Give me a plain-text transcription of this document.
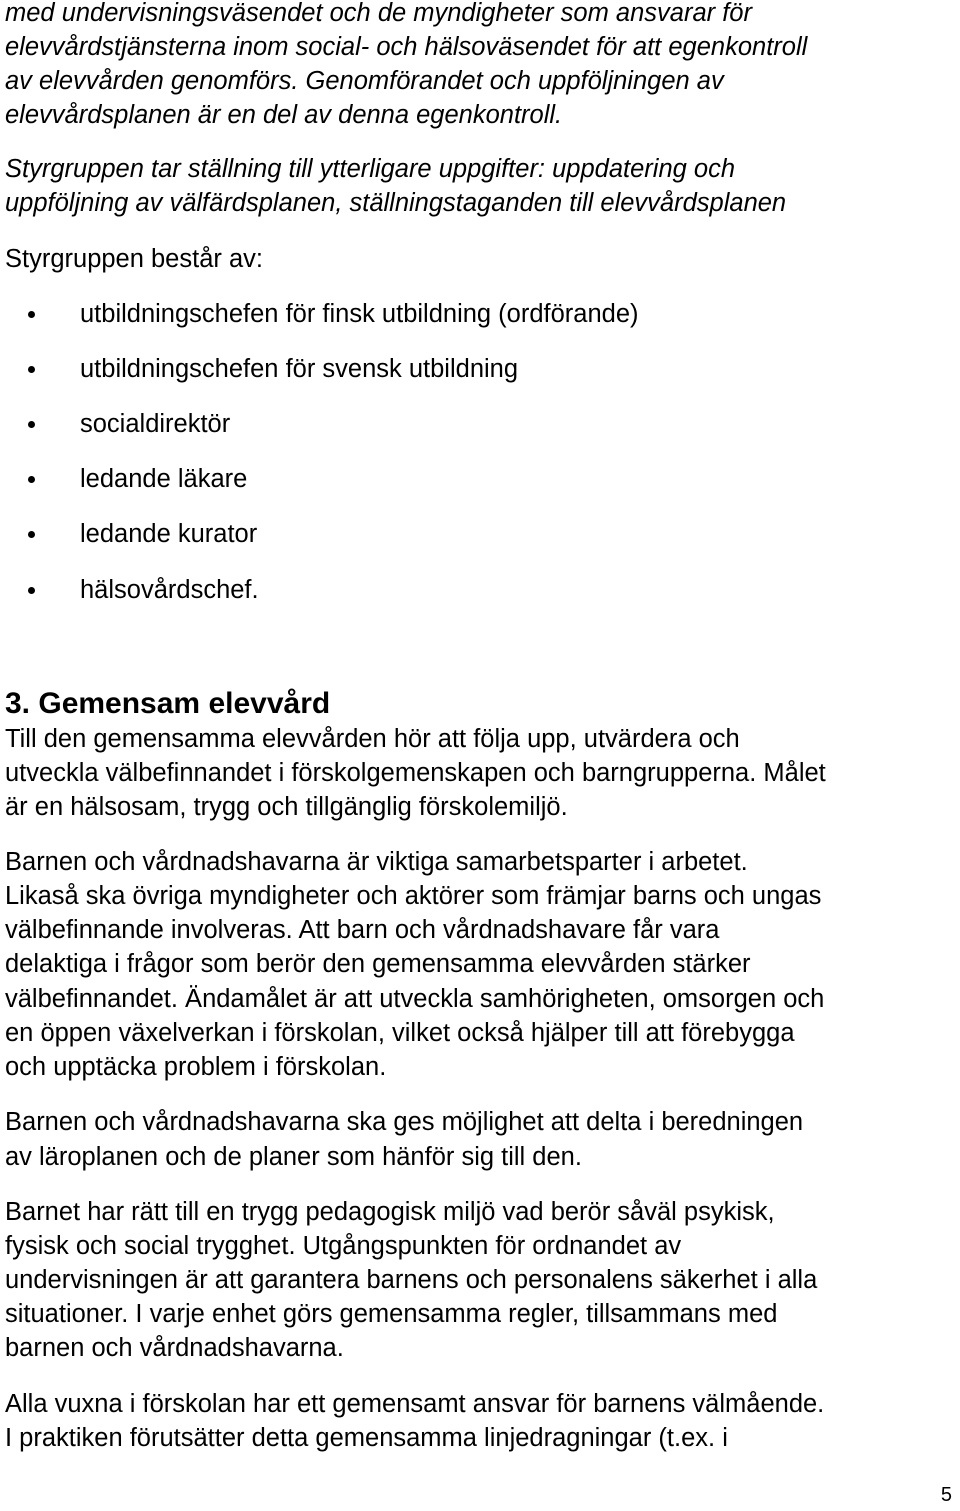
med undervisningsväsendet och de myndigheter som ansvarar för
elevvårdstjänsterna inom social- och hälsoväsendet för att egenkontroll
av elevvården genomförs. Genomförandet och uppföljningen av
elevvårdsplanen är en del av denna egenkontroll.
Styrgruppen tar ställning till ytterligare uppgifter: uppdatering och
uppföljning av välfärdsplanen, ställningstaganden till elevvårdsplanen
Styrgruppen består av:
utbildningschefen för finsk utbildning (ordförande)
utbildningschefen för svensk utbildning
socialdirektör
ledande läkare
ledande kurator
hälsovårdschef.
3. Gemensam elevvård
Till den gemensamma elevvården hör att följa upp, utvärdera och
utveckla välbefinnandet i förskolgemenskapen och barngrupperna. Målet
är en hälsosam, trygg och tillgänglig förskolemiljö.
Barnen och vårdnadshavarna är viktiga samarbetsparter i arbetet.
Likaså ska övriga myndigheter och aktörer som främjar barns och ungas
välbefinnande involveras. Att barn och vårdnadshavare får vara
delaktiga i frågor som berör den gemensamma elevvården stärker
välbefinnandet. Ändamålet är att utveckla samhörigheten, omsorgen och
en öppen växelverkan i förskolan, vilket också hjälper till att förebygga
och upptäcka problem i förskolan.
Barnen och vårdnadshavarna ska ges möjlighet att delta i beredningen
av läroplanen och de planer som hänför sig till den.
Barnet har rätt till en trygg pedagogisk miljö vad berör såväl psykisk,
fysisk och social trygghet. Utgångspunkten för ordnandet av
undervisningen är att garantera barnens och personalens säkerhet i alla
situationer. I varje enhet görs gemensamma regler, tillsammans med
barnen och vårdnadshavarna.
Alla vuxna i förskolan har ett gemensamt ansvar för barnens välmående.
I praktiken förutsätter detta gemensamma linjedragningar (t.ex. i
5
